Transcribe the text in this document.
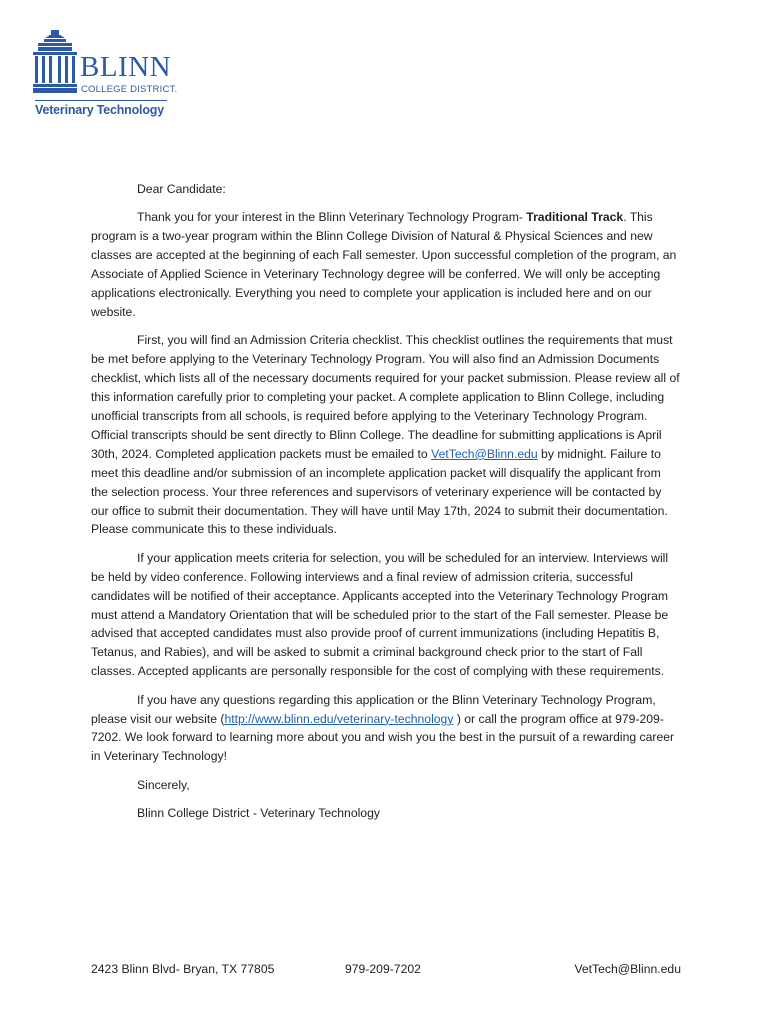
BLINN
COLLEGE DISTRICT.
Veterinary Technology

Dear Candidate:

Thank you for your interest in the Blinn Veterinary Technology Program- Traditional Track. This program is a two-year program within the Blinn College Division of Natural & Physical Sciences and new classes are accepted at the beginning of each Fall semester. Upon successful completion of the program, an Associate of Applied Science in Veterinary Technology degree will be conferred. We will only be accepting applications electronically. Everything you need to complete your application is included here and on our website.

First, you will find an Admission Criteria checklist. This checklist outlines the requirements that must be met before applying to the Veterinary Technology Program. You will also find an Admission Documents checklist, which lists all of the necessary documents required for your packet submission. Please review all of this information carefully prior to completing your packet. A complete application to Blinn College, including unofficial transcripts from all schools, is required before applying to the Veterinary Technology Program. Official transcripts should be sent directly to Blinn College. The deadline for submitting applications is April 30th, 2024. Completed application packets must be emailed to VetTech@Blinn.edu by midnight. Failure to meet this deadline and/or submission of an incomplete application packet will disqualify the applicant from the selection process. Your three references and supervisors of veterinary experience will be contacted by our office to submit their documentation. They will have until May 17th, 2024 to submit their documentation. Please communicate this to these individuals.

If your application meets criteria for selection, you will be scheduled for an interview. Interviews will be held by video conference. Following interviews and a final review of admission criteria, successful candidates will be notified of their acceptance. Applicants accepted into the Veterinary Technology Program must attend a Mandatory Orientation that will be scheduled prior to the start of the Fall semester. Please be advised that accepted candidates must also provide proof of current immunizations (including Hepatitis B, Tetanus, and Rabies), and will be asked to submit a criminal background check prior to the start of Fall classes. Accepted applicants are personally responsible for the cost of complying with these requirements.

If you have any questions regarding this application or the Blinn Veterinary Technology Program, please visit our website (http://www.blinn.edu/veterinary-technology ) or call the program office at 979-209-7202. We look forward to learning more about you and wish you the best in the pursuit of a rewarding career in Veterinary Technology!

Sincerely,

Blinn College District - Veterinary Technology

2423 Blinn Blvd- Bryan, TX 77805	979-209-7202	VetTech@Blinn.edu
